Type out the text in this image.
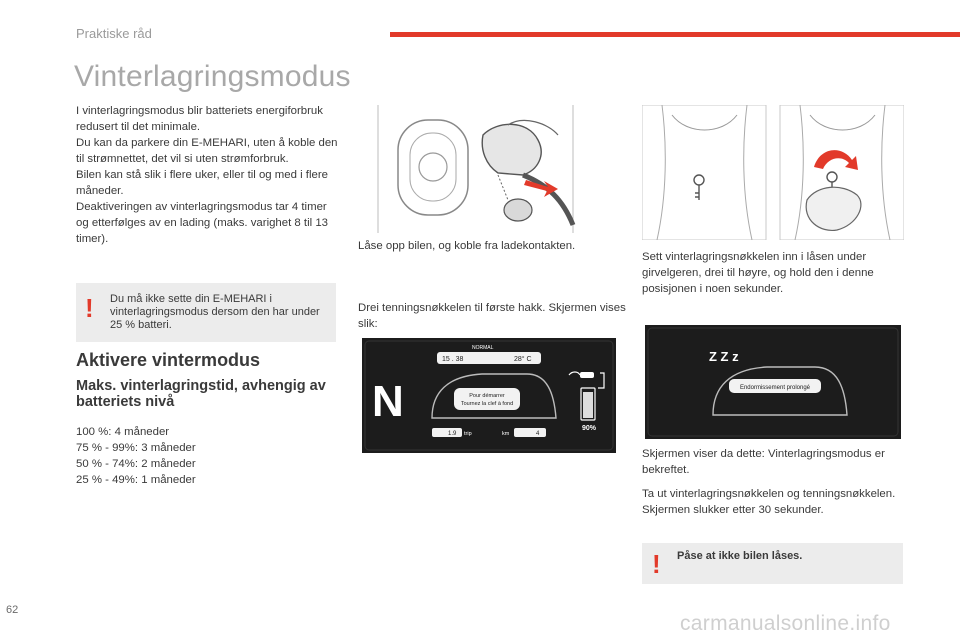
Praktiske råd
Vinterlagringsmodus

I vinterlagringsmodus blir batteriets energiforbruk redusert til det minimale.

Du kan da parkere din E-MEHARI, uten å koble den til strømnettet, det vil si uten strømforbruk.

Bilen kan stå slik i flere uker, eller til og med i flere måneder.

Deaktiveringen av vinterlagringsmodus tar 4 timer og etterfølges av en lading (maks. varighet 8 til 13 timer).

! Du må ikke sette din E-MEHARI i vinterlagringsmodus dersom den har under 25 % batteri.
Aktivere vintermodus
Maks. vinterlagringstid, avhengig av batteriets nivå
100 %: 4 måneder
75 % - 99%: 3 måneder
50 % - 74%: 2 måneder
25 % - 49%: 1 måneder
Låse opp bilen, og koble fra ladekontakten.
Drei tenningsnøkkelen til første hakk. Skjermen vises slik:
NORMAL
15 . 38	28° C
N	Pour démarrer
Tournez la clef à fond
1.9 trip	km	4
90%
Sett vinterlagringsnøkkelen inn i låsen under girvelgeren, drei til høyre, og hold den i denne posisjonen i noen sekunder.
Z Z z
Endormissement prolongé
Skjermen viser da dette: Vinterlagringsmodus er bekreftet.

Ta ut vinterlagringsnøkkelen og tenningsnøkkelen.

Skjermen slukker etter 30 sekunder.

! Påse at ikke bilen låses.
62
carmanualsonline.info
